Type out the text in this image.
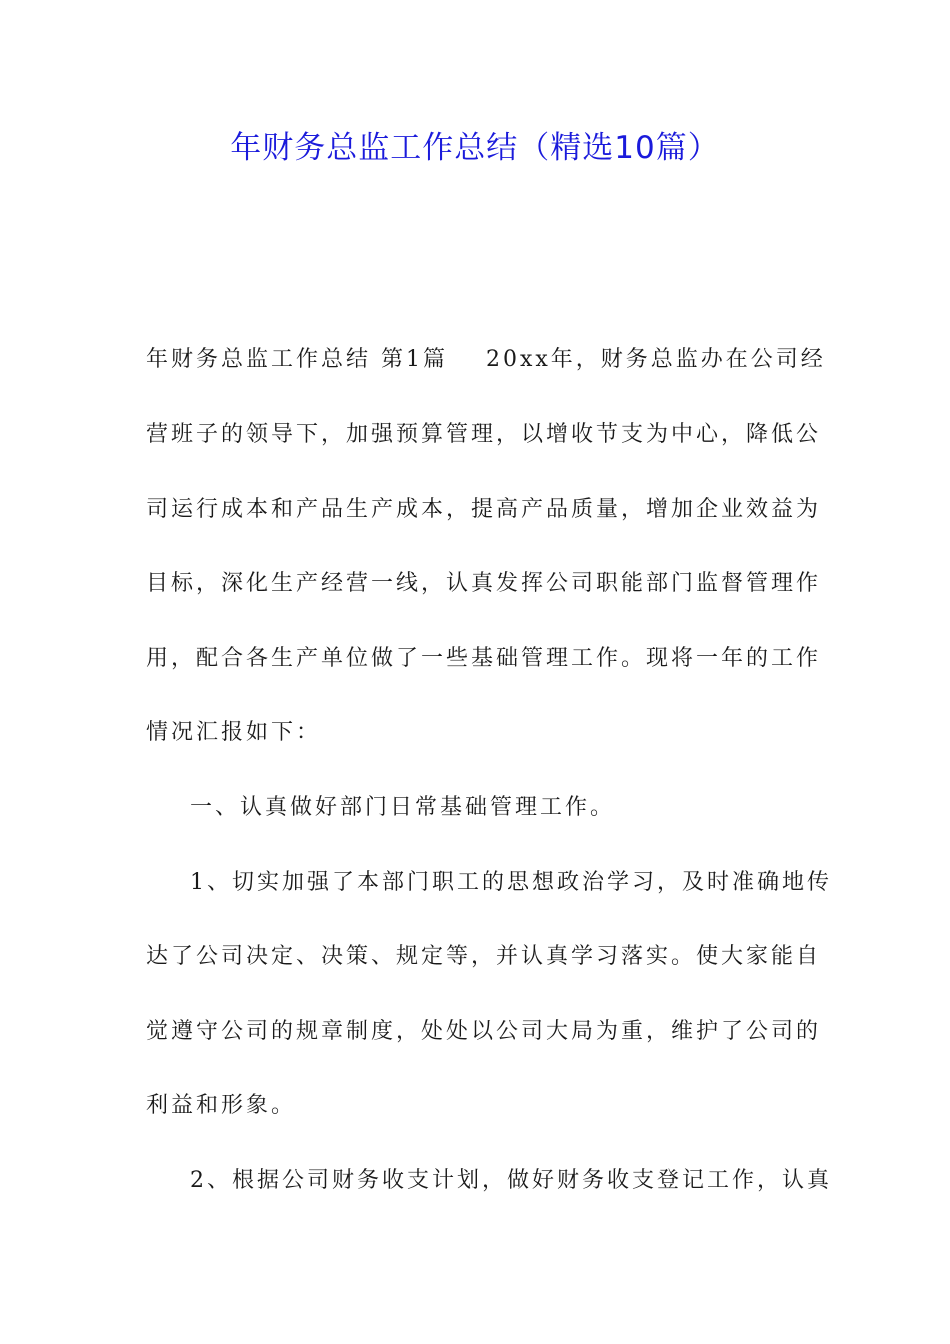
年财务总监工作总结（精选10篇）
年财务总监工作总结 第1篇 20xx年，财务总监办在公司经
营班子的领导下，加强预算管理，以增收节支为中心，降低公
司运行成本和产品生产成本，提高产品质量，增加企业效益为
目标，深化生产经营一线，认真发挥公司职能部门监督管理作
用，配合各生产单位做了一些基础管理工作。现将一年的工作
情况汇报如下：
一、认真做好部门日常基础管理工作。
1、切实加强了本部门职工的思想政治学习，及时准确地传
达了公司决定、决策、规定等，并认真学习落实。使大家能自
觉遵守公司的规章制度，处处以公司大局为重，维护了公司的
利益和形象。
2、根据公司财务收支计划，做好财务收支登记工作，认真
